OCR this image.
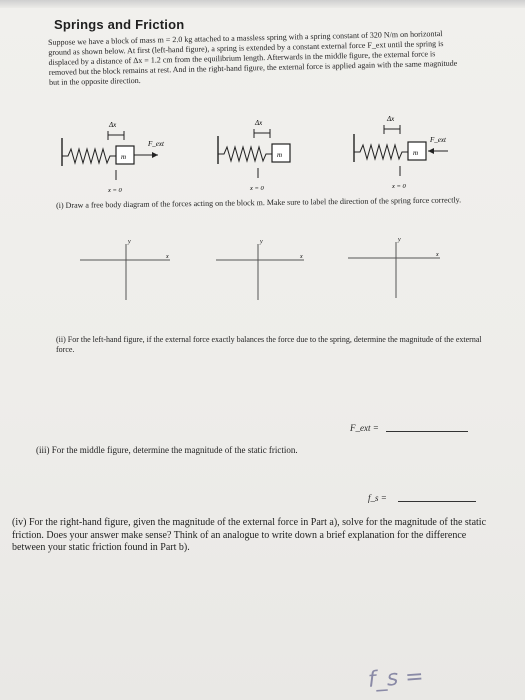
Springs and Friction
Suppose we have a block of mass m = 2.0 kg attached to a massless spring with a spring constant of 320 N/m on horizontal ground as shown below. At first (left-hand figure), a spring is extended by a constant external force F_ext until the spring is displaced by a distance of Δx = 1.2 cm from the equilibrium length. Afterwards in the middle figure, the external force is removed but the block remains at rest. And in the right-hand figure, the external force is applied again with the same magnitude but in the opposite direction.
m
F_ext
Δx
x = 0
m
Δx
x = 0
m
F_ext
Δx
x = 0
(i) Draw a free body diagram of the forces acting on the block m. Make sure to label the direction of the spring force correctly.
y
x
y
x
y
x
(ii) For the left-hand figure, if the external force exactly balances the force due to the spring, determine the magnitude of the external force.
F_ext =
(iii) For the middle figure, determine the magnitude of the static friction.
f_s =
(iv) For the right-hand figure, given the magnitude of the external force in Part a), solve for the magnitude of the static friction. Does your answer make sense? Think of an analogue to write down a brief explanation for the difference between your static friction found in Part b).
f_s =
